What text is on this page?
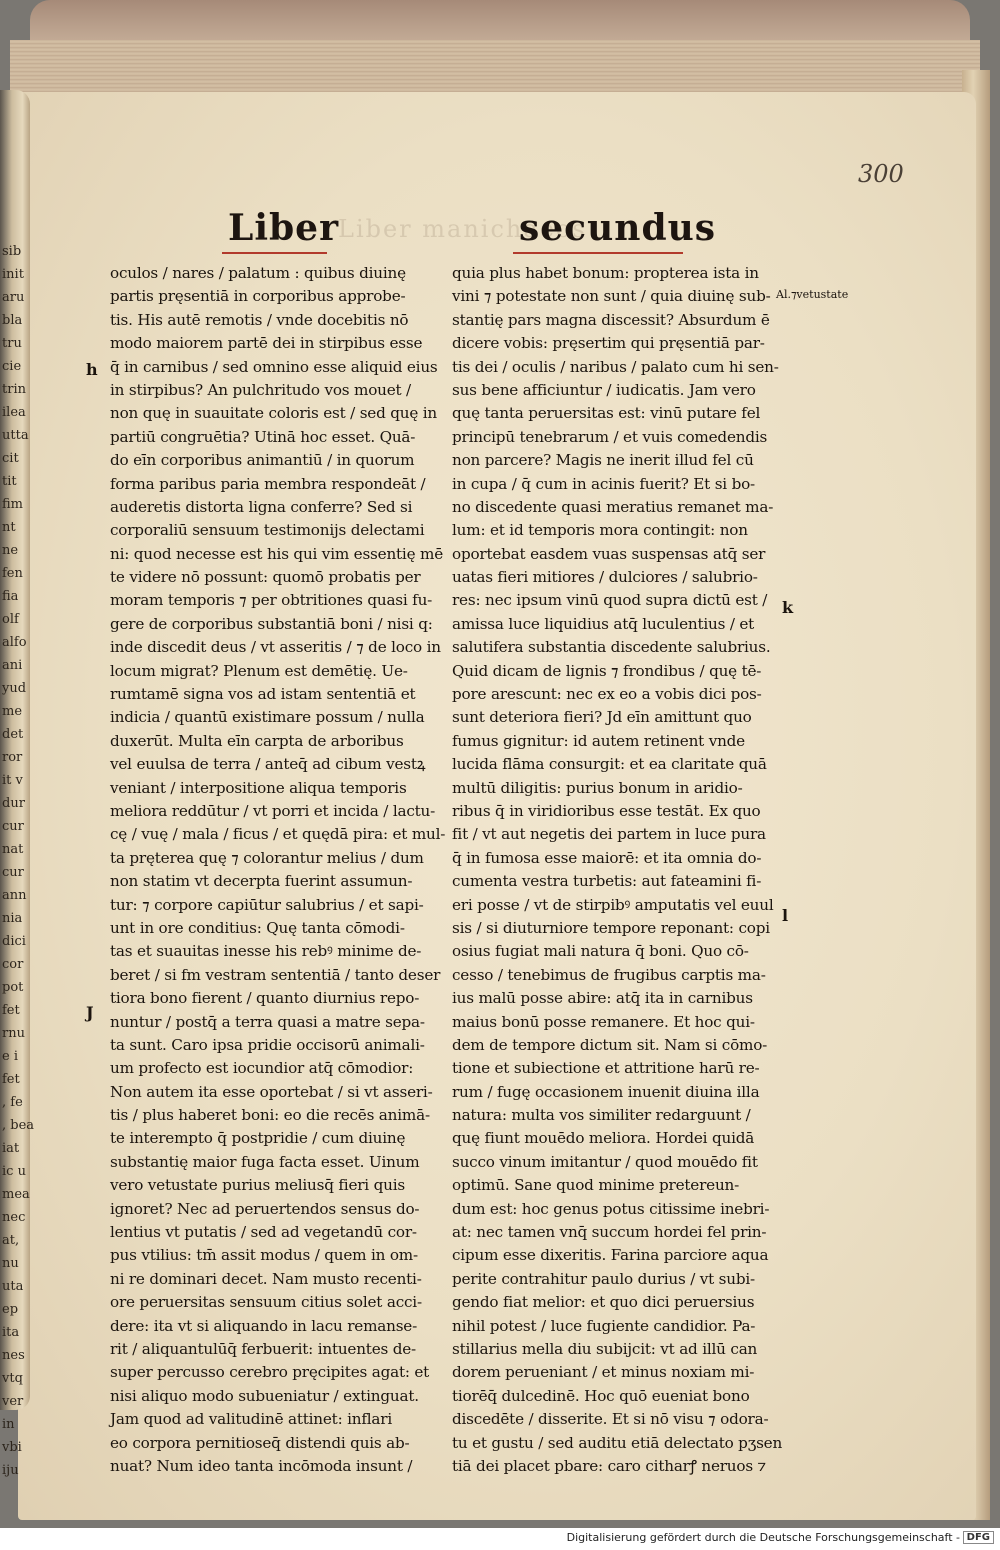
sib
init
aru
bla
tru
cie
trin
ilea
utta
cit
tit
fim
nt
ne
fen
fia
olf
alfo
ani
yud
me
det
ror
it v
dur
cur
nat
cur
ann
nia
dici
cor
pot
fet
rnu
e i
fet
, fe
, bea
iat
ic u
mea
nec
at,
nu
uta
ep
ita
nes
vtq
ver
in
vbi
iju
300
Liber manichaeos
Liber	secundus
oculos / nares / palatum : quibus diuinę
partis pręsentiā in corporibus approbe-
tis. His autē remotis / vnde docebitis nō
modo maiorem partē dei in stirpibus esse
q̄ in carnibus / sed omnino esse aliquid eius
in stirpibus? An pulchritudo vos mouet /
non quę in suauitate coloris est / sed quę in
partiū congruētia? Utinā hoc esset. Quā-
do eīn corporibus animantiū / in quorum
forma paribus paria membra respondeāt /
auderetis distorta ligna conferre? Sed si
corporaliū sensuum testimonijs delectami
ni: quod necesse est his qui vim essentię mē
te videre nō possunt: quomō probatis per
moram temporis ⁊ per obtritiones quasi fu-
gere de corporibus substantiā boni / nisi q:
inde discedit deus / vt asseritis / ⁊ de loco in
locum migrat? Plenum est demētię. Ue-
rumtamē signa vos ad istam sententiā et
indicia / quantū existimare possum / nulla
duxerūt. Multa eīn carpta de arboribus
vel euulsa de terra / anteq̄ ad cibum vestꝝ
veniant / interpositione aliqua temporis
meliora reddūtur / vt porri et incida / lactu-
cę / vuę / mala / ficus / et quędā pira: et mul-
ta pręterea quę ⁊ colorantur melius / dum
non statim vt decerpta fuerint assumun-
tur: ⁊ corpore capiūtur salubrius / et sapi-
unt in ore conditius: Quę tanta cōmodi-
tas et suauitas inesse his rebꝰ minime de-
beret / si fm vestram sententiā / tanto deser
tiora bono fierent / quanto diurnius repo-
nuntur / postq̄ a terra quasi a matre sepa-
ta sunt. Caro ipsa pridie occisorū animali-
um profecto est iocundior atq̄ cōmodior:
Non autem ita esse oportebat / si vt asseri-
tis / plus haberet boni: eo die recēs animā-
te interempto q̄ postpridie / cum diuinę
substantię maior fuga facta esset. Uinum
vero vetustate purius meliusq̄ fieri quis
ignoret? Nec ad peruertendos sensus do-
lentius vt putatis / sed ad vegetandū cor-
pus vtilius: tm̄ assit modus / quem in om-
ni re dominari decet. Nam musto recenti-
ore peruersitas sensuum citius solet acci-
dere: ita vt si aliquando in lacu remanse-
rit / aliquantulūq̄ ferbuerit: intuentes de-
super percusso cerebro pręcipites agat: et
nisi aliquo modo subueniatur / extinguat.
Jam quod ad valitudinē attinet: inflari
eo corpora pernitioseq̄ distendi quis ab-
nuat? Num ideo tanta incōmoda insunt /
quia plus habet bonum: propterea ista in
vini ⁊ potestate non sunt / quia diuinę sub-
stantię pars magna discessit? Absurdum ē
dicere vobis: pręsertim qui pręsentiā par-
tis dei / oculis / naribus / palato cum hi sen-
sus bene afficiuntur / iudicatis. Jam vero
quę tanta peruersitas est: vinū putare fel
principū tenebrarum / et vuis comedendis
non parcere? Magis ne inerit illud fel cū
in cupa / q̄ cum in acinis fuerit? Et si bo-
no discedente quasi meratius remanet ma-
lum: et id temporis mora contingit: non
oportebat easdem vuas suspensas atq̄ ser
uatas fieri mitiores / dulciores / salubrio-
res: nec ipsum vinū quod supra dictū est /
amissa luce liquidius atq̄ luculentius / et
salutifera substantia discedente salubrius.
Quid dicam de lignis ⁊ frondibus / quę tē-
pore arescunt: nec ex eo a vobis dici pos-
sunt deteriora fieri? Jd eīn amittunt quo
fumus gignitur: id autem retinent vnde
lucida flāma consurgit: et ea claritate quā
multū diligitis: purius bonum in aridio-
ribus q̄ in viridioribus esse testāt. Ex quo
fit / vt aut negetis dei partem in luce pura
q̄ in fumosa esse maiorē: et ita omnia do-
cumenta vestra turbetis: aut fateamini fi-
eri posse / vt de stirpibꝰ amputatis vel euul
sis / si diuturniore tempore reponant: copi
osius fugiat mali natura q̄ boni. Quo cō-
cesso / tenebimus de frugibus carptis ma-
ius malū posse abire: atq̄ ita in carnibus
maius bonū posse remanere. Et hoc qui-
dem de tempore dictum sit. Nam si cōmo-
tione et subiectione et attritione harū re-
rum / fugę occasionem inuenit diuina illa
natura: multa vos similiter redarguunt /
quę fiunt mouēdo meliora. Hordei quidā
succo vinum imitantur / quod mouēdo fit
optimū. Sane quod minime pretereun-
dum est: hoc genus potus citissime inebri-
at: nec tamen vnq̄ succum hordei fel prin-
cipum esse dixeritis. Farina parciore aqua
perite contrahitur paulo durius / vt subi-
gendo fiat melior: et quo dici peruersius
nihil potest / luce fugiente candidior. Pa-
stillarius mella diu subijcit: vt ad illū can
dorem perueniant / et minus noxiam mi-
tiorēq̄ dulcedinē. Hoc quō eueniat bono
discedēte / disserite. Et si nō visu ⁊ odora-
tu et gustu / sed auditu etiā delectato pʒsen
tiā dei placet pbare: caro citharꝭ neruos ⁊
h
J
Al.⁊vetustate
k
l
Digitalisierung gefördert durch die Deutsche Forschungsgemeinschaft - DFG
